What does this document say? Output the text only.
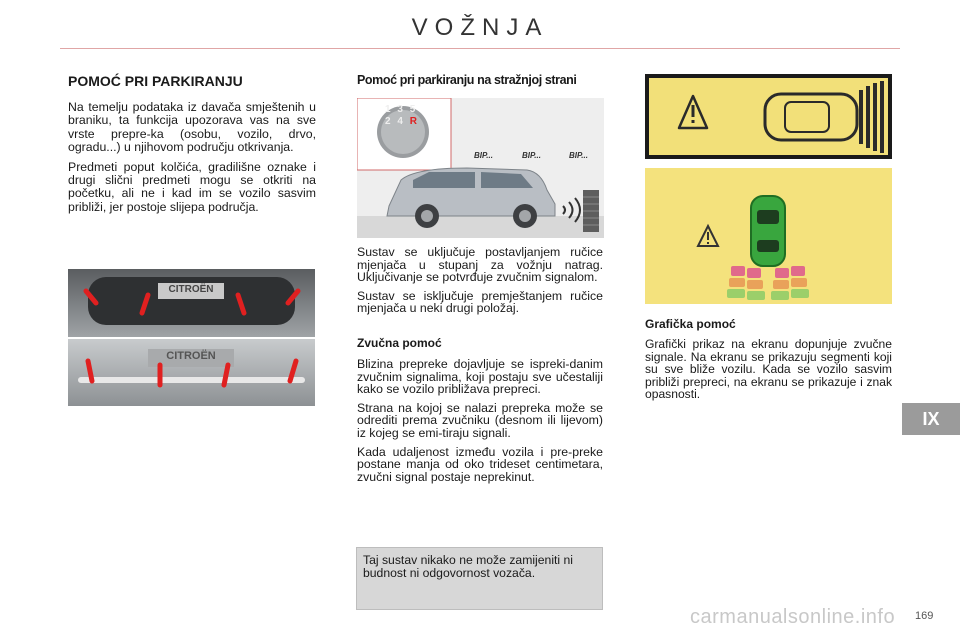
VOŽNJA
POMOĆ PRI PARKIRANJU

Na temelju podataka iz davača smještenih u braniku, ta funkcija upozorava vas na sve vrste prepre-ka (osobu, vozilo, drvo, ogradu...) u njihovom području otkrivanja.

Predmeti poput kolčića, gradilišne oznake i drugi slični predmeti mogu se otkriti na početku, ali ne i kad im se vozilo sasvim približi, jer postoje slijepa područja.

CITROËN
CITROËN
Pomoć pri parkiranju na stražnjoj strani
1 3 5
2 4 R
BIP...	BIP...	BIP...

Sustav se uključuje postavljanjem ručice mjenjača u stupanj za vožnju natrag. Uključivanje se potvrđuje zvučnim signalom.

Sustav se isključuje premještanjem ručice mjenjača u neki drugi položaj.

Zvučna pomoć

Blizina prepreke dojavljuje se ispreki-danim zvučnim signalima, koji postaju sve učestaliji kako se vozilo približava prepreci.

Strana na kojoj se nalazi prepreka može se odrediti prema zvučniku (desnom ili lijevom) iz kojeg se emi-tiraju signali.

Kada udaljenost između vozila i pre-preke postane manja od oko trideset centimetara, zvučni signal postaje neprekinut.

Taj sustav nikako ne može zamijeniti ni budnost ni odgovornost vozača.
Grafička pomoć

Grafički prikaz na ekranu dopunjuje zvučne signale. Na ekranu se prikazuju segmenti koji su sve bliže vozilu. Kada se vozilo sasvim približi prepreci, na ekranu se prikazuje i znak opasnosti.

IX
carmanualsonline.info 169
